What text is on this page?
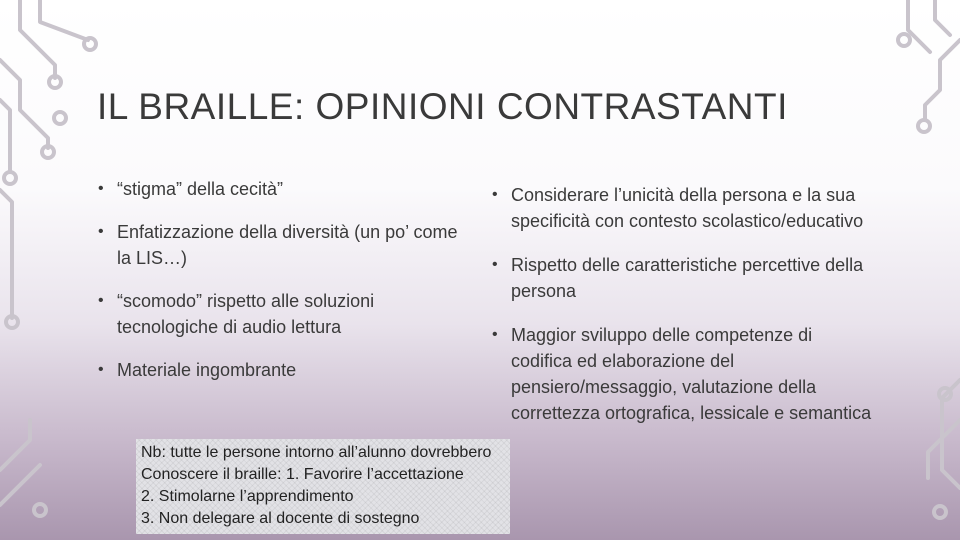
IL BRAILLE: OPINIONI CONTRASTANTI
• “stigma” della cecità”
• Enfatizzazione della diversità (un po’ come la LIS…)
• “scomodo” rispetto alle soluzioni tecnologiche di audio lettura
• Materiale ingombrante
• Considerare l’unicità della persona e la sua specificità con contesto scolastico/educativo
• Rispetto delle caratteristiche percettive della persona
• Maggior sviluppo delle competenze di codifica ed elaborazione del pensiero/messaggio, valutazione della correttezza ortografica, lessicale e semantica
Nb: tutte le persone intorno all’alunno dovrebbero
Conoscere il braille: 1. Favorire l’accettazione
2. Stimolarne l’apprendimento
3. Non delegare al docente di sostegno
